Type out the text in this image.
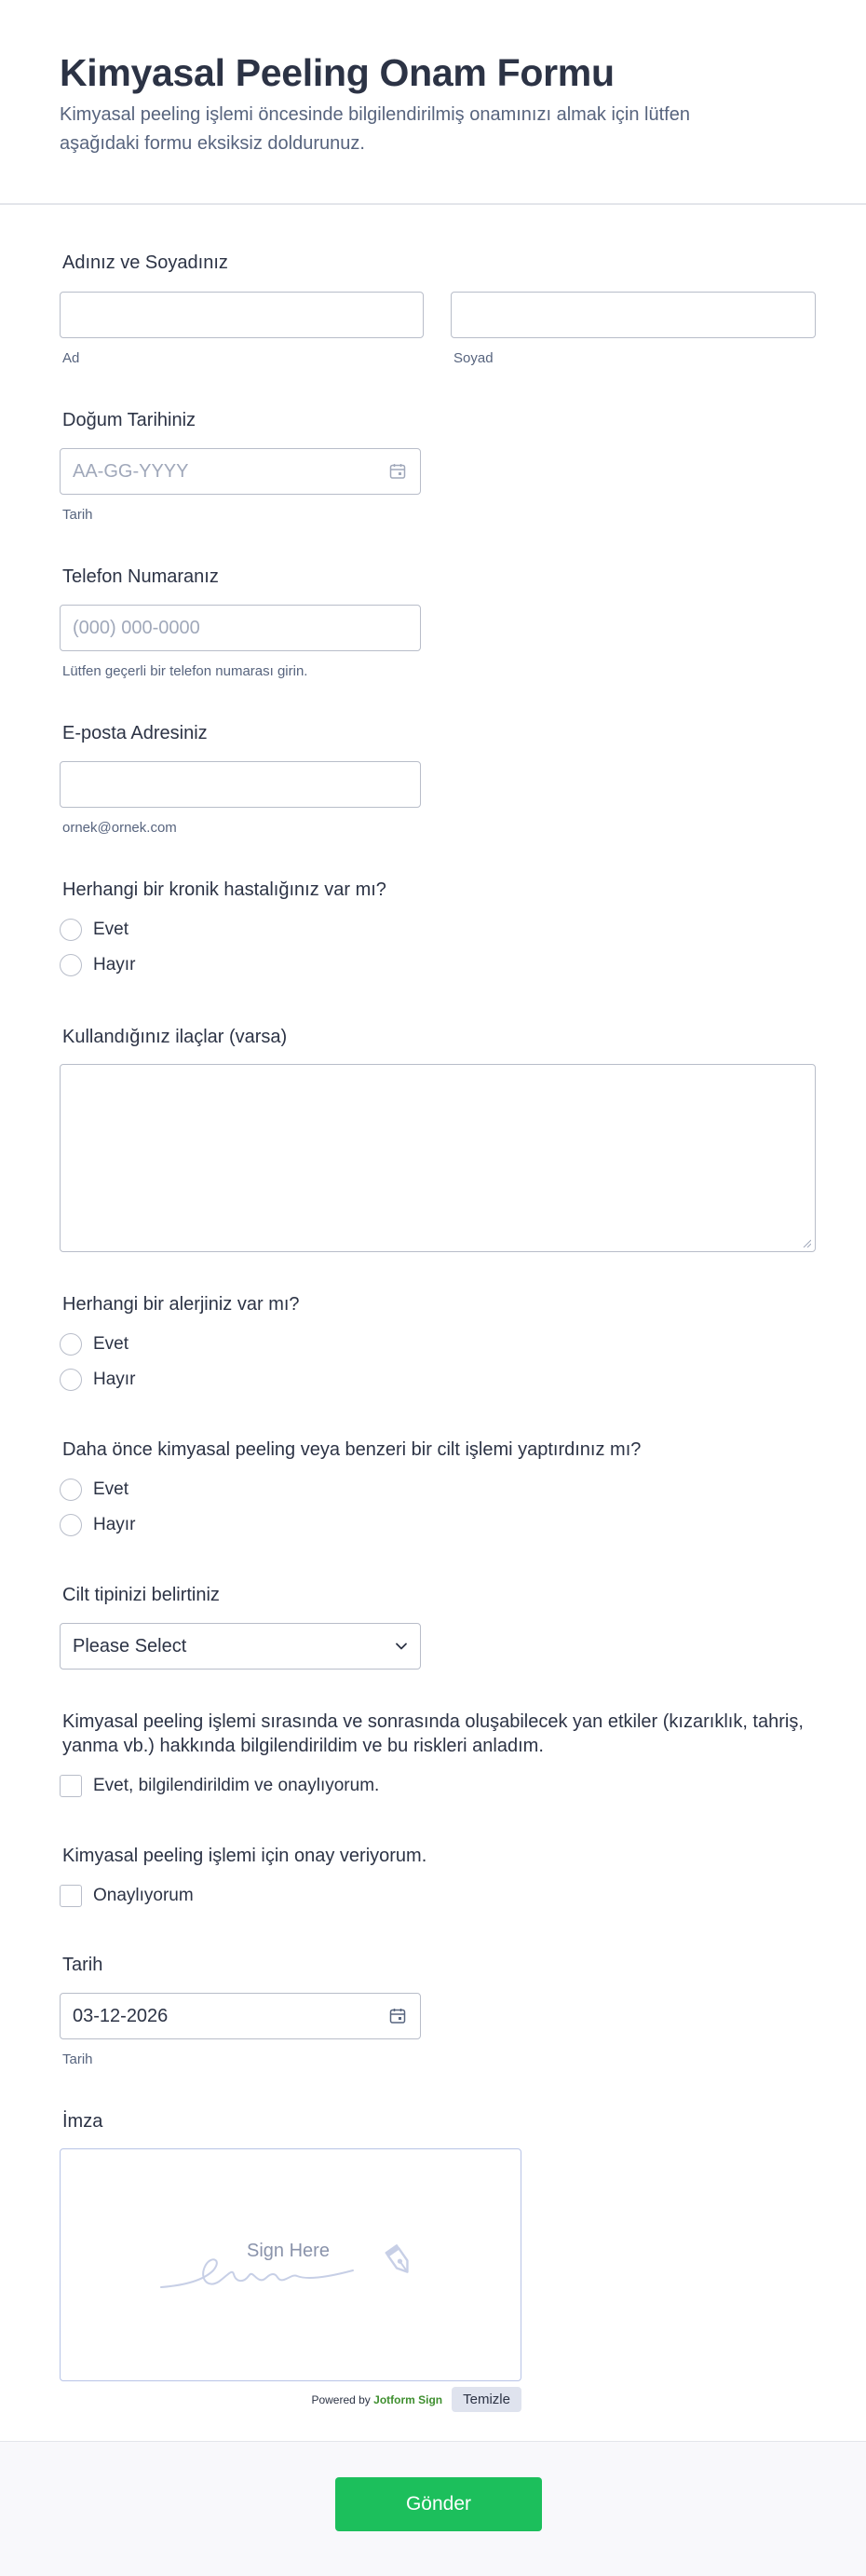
Kimyasal Peeling Onam Formu

Kimyasal peeling işlemi öncesinde bilgilendirilmiş onamınızı almak için lütfen aşağıdaki formu eksiksiz doldurunuz.

Adınız ve Soyadınız
Ad	Soyad
Doğum Tarihiniz
AA-GG-YYYY
Tarih
Telefon Numaranız
(000) 000-0000
Lütfen geçerli bir telefon numarası girin.
E-posta Adresiniz
ornek@ornek.com
Herhangi bir kronik hastalığınız var mı?
Evet
Hayır
Kullandığınız ilaçlar (varsa)
Herhangi bir alerjiniz var mı?
Evet
Hayır
Daha önce kimyasal peeling veya benzeri bir cilt işlemi yaptırdınız mı?
Evet
Hayır
Cilt tipinizi belirtiniz
Please Select
Kimyasal peeling işlemi sırasında ve sonrasında oluşabilecek yan etkiler (kızarıklık, tahriş, yanma vb.) hakkında bilgilendirildim ve bu riskleri anladım.
Evet, bilgilendirildim ve onaylıyorum.
Kimyasal peeling işlemi için onay veriyorum.
Onaylıyorum
Tarih
03-12-2026
Tarih
İmza
Sign Here
Powered by Jotform Sign	Temizle
Gönder
